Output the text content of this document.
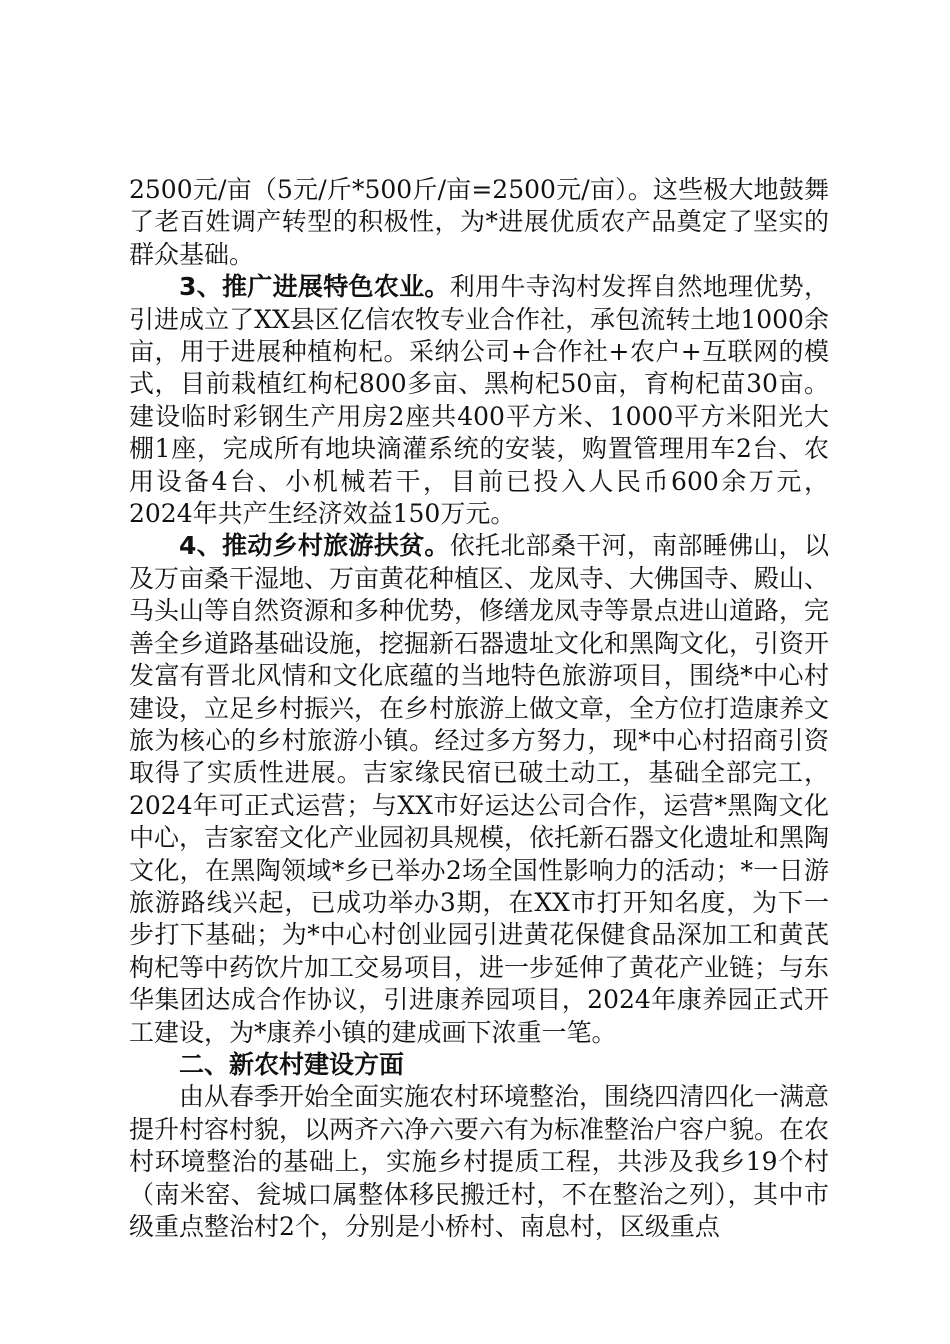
2500元/亩（5元/斤*500斤/亩=2500元/亩）。这些极大地鼓舞了老百姓调产转型的积极性，为*进展优质农产品奠定了坚实的群众基础。

3、推广进展特色农业。利用牛寺沟村发挥自然地理优势，引进成立了XX县区亿信农牧专业合作社，承包流转土地1000余亩，用于进展种植枸杞。采纳公司+合作社+农户+互联网的模式，目前栽植红枸杞800多亩、黑枸杞50亩，育枸杞苗30亩。建设临时彩钢生产用房2座共400平方米、1000平方米阳光大棚1座，完成所有地块滴灌系统的安装，购置管理用车2台、农用设备4台、小机械若干，目前已投入人民币600余万元，2024年共产生经济效益150万元。

4、推动乡村旅游扶贫。依托北部桑干河，南部睡佛山，以及万亩桑干湿地、万亩黄花种植区、龙凤寺、大佛国寺、殿山、马头山等自然资源和多种优势，修缮龙凤寺等景点进山道路，完善全乡道路基础设施，挖掘新石器遗址文化和黑陶文化，引资开发富有晋北风情和文化底蕴的当地特色旅游项目，围绕*中心村建设，立足乡村振兴，在乡村旅游上做文章，全方位打造康养文旅为核心的乡村旅游小镇。经过多方努力，现*中心村招商引资取得了实质性进展。吉家缘民宿已破土动工，基础全部完工，2024年可正式运营；与XX市好运达公司合作，运营*黑陶文化中心，吉家窑文化产业园初具规模，依托新石器文化遗址和黑陶文化，在黑陶领域*乡已举办2场全国性影响力的活动；*一日游旅游路线兴起，已成功举办3期，在XX市打开知名度，为下一步打下基础；为*中心村创业园引进黄花保健食品深加工和黄芪枸杞等中药饮片加工交易项目，进一步延伸了黄花产业链；与东华集团达成合作协议，引进康养园项目，2024年康养园正式开工建设，为*康养小镇的建成画下浓重一笔。

二、新农村建设方面

由从春季开始全面实施农村环境整治，围绕四清四化一满意提升村容村貌，以两齐六净六要六有为标准整治户容户貌。在农村环境整治的基础上，实施乡村提质工程，共涉及我乡19个村（南米窑、瓮城口属整体移民搬迁村，不在整治之列），其中市级重点整治村2个，分别是小桥村、南息村，区级重点
